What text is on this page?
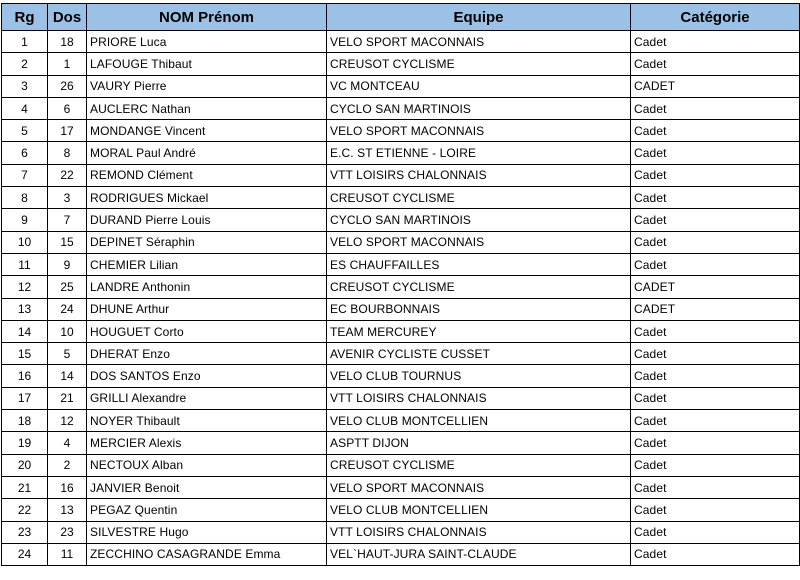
Rg	Dos	NOM Prénom	Equipe	Catégorie
1	18	PRIORE Luca	VELO SPORT MACONNAIS	Cadet
2	1	LAFOUGE Thibaut	CREUSOT CYCLISME	Cadet
3	26	VAURY Pierre	VC MONTCEAU	CADET
4	6	AUCLERC Nathan	CYCLO SAN MARTINOIS	Cadet
5	17	MONDANGE Vincent	VELO SPORT MACONNAIS	Cadet
6	8	MORAL Paul André	E.C. ST ETIENNE - LOIRE	Cadet
7	22	REMOND Clément	VTT LOISIRS CHALONNAIS	Cadet
8	3	RODRIGUES Mickael	CREUSOT CYCLISME	Cadet
9	7	DURAND Pierre Louis	CYCLO SAN MARTINOIS	Cadet
10	15	DEPINET Séraphin	VELO SPORT MACONNAIS	Cadet
11	9	CHEMIER Lilian	ES CHAUFFAILLES	Cadet
12	25	LANDRE Anthonin	CREUSOT CYCLISME	CADET
13	24	DHUNE Arthur	EC BOURBONNAIS	CADET
14	10	HOUGUET Corto	TEAM MERCUREY	Cadet
15	5	DHERAT Enzo	AVENIR CYCLISTE CUSSET	Cadet
16	14	DOS SANTOS Enzo	VELO CLUB TOURNUS	Cadet
17	21	GRILLI Alexandre	VTT LOISIRS CHALONNAIS	Cadet
18	12	NOYER Thibault	VELO CLUB MONTCELLIEN	Cadet
19	4	MERCIER Alexis	ASPTT DIJON	Cadet
20	2	NECTOUX Alban	CREUSOT CYCLISME	Cadet
21	16	JANVIER Benoit	VELO SPORT MACONNAIS	Cadet
22	13	PEGAZ Quentin	VELO CLUB MONTCELLIEN	Cadet
23	23	SILVESTRE Hugo	VTT LOISIRS CHALONNAIS	Cadet
24	11	ZECCHINO CASAGRANDE Emma	VEL`HAUT-JURA SAINT-CLAUDE	Cadet
